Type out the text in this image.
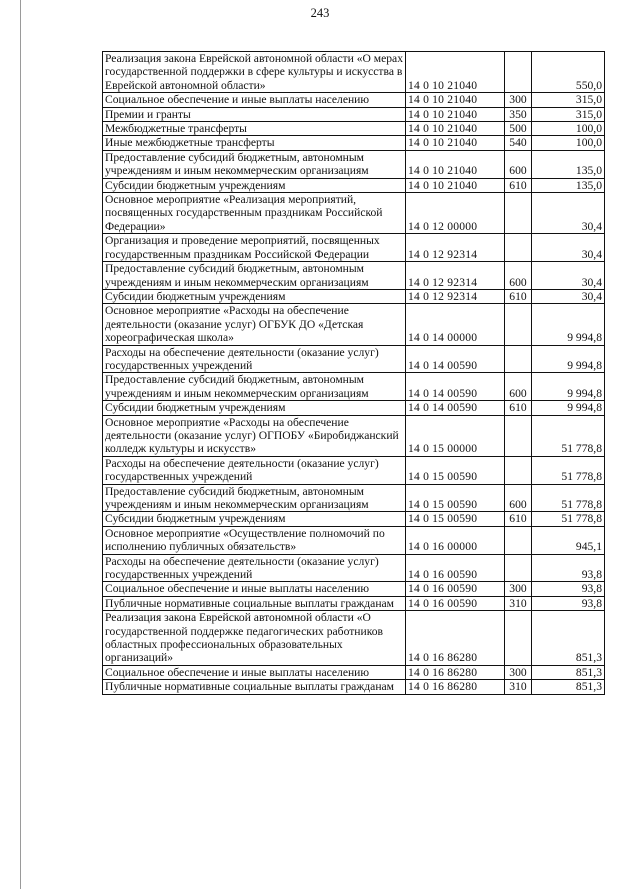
243
Реализация закона Еврейской автономной области «О мерах государственной поддержки в сфере культуры и искусства в Еврейской автономной области»	14 0 10 21040		550,0
Социальное обеспечение и иные выплаты населению	14 0 10 21040	300	315,0
Премии и гранты	14 0 10 21040	350	315,0
Межбюджетные трансферты	14 0 10 21040	500	100,0
Иные межбюджетные трансферты	14 0 10 21040	540	100,0
Предоставление субсидий бюджетным, автономным учреждениям и иным некоммерческим организациям	14 0 10 21040	600	135,0
Субсидии бюджетным учреждениям	14 0 10 21040	610	135,0
Основное мероприятие «Реализация мероприятий, посвященных государственным праздникам Российской Федерации»	14 0 12 00000		30,4
Организация и проведение мероприятий, посвященных государственным праздникам Российской Федерации	14 0 12 92314		30,4
Предоставление субсидий бюджетным, автономным учреждениям и иным некоммерческим организациям	14 0 12 92314	600	30,4
Субсидии бюджетным учреждениям	14 0 12 92314	610	30,4
Основное мероприятие «Расходы на обеспечение деятельности (оказание услуг) ОГБУК ДО «Детская хореографическая школа»	14 0 14 00000		9 994,8
Расходы на обеспечение деятельности (оказание услуг) государственных учреждений	14 0 14 00590		9 994,8
Предоставление субсидий бюджетным, автономным учреждениям и иным некоммерческим организациям	14 0 14 00590	600	9 994,8
Субсидии бюджетным учреждениям	14 0 14 00590	610	9 994,8
Основное мероприятие «Расходы на обеспечение деятельности (оказание услуг) ОГПОБУ «Биробиджанский колледж культуры и искусств»	14 0 15 00000		51 778,8
Расходы на обеспечение деятельности (оказание услуг) государственных учреждений	14 0 15 00590		51 778,8
Предоставление субсидий бюджетным, автономным учреждениям и иным некоммерческим организациям	14 0 15 00590	600	51 778,8
Субсидии бюджетным учреждениям	14 0 15 00590	610	51 778,8
Основное мероприятие «Осуществление полномочий по исполнению публичных обязательств»	14 0 16 00000		945,1
Расходы на обеспечение деятельности (оказание услуг) государственных учреждений	14 0 16 00590		93,8
Социальное обеспечение и иные выплаты населению	14 0 16 00590	300	93,8
Публичные нормативные социальные выплаты гражданам	14 0 16 00590	310	93,8
Реализация закона Еврейской автономной области «О государственной поддержке педагогических работников областных профессиональных образовательных организаций»	14 0 16 86280		851,3
Социальное обеспечение и иные выплаты населению	14 0 16 86280	300	851,3
Публичные нормативные социальные выплаты гражданам	14 0 16 86280	310	851,3
